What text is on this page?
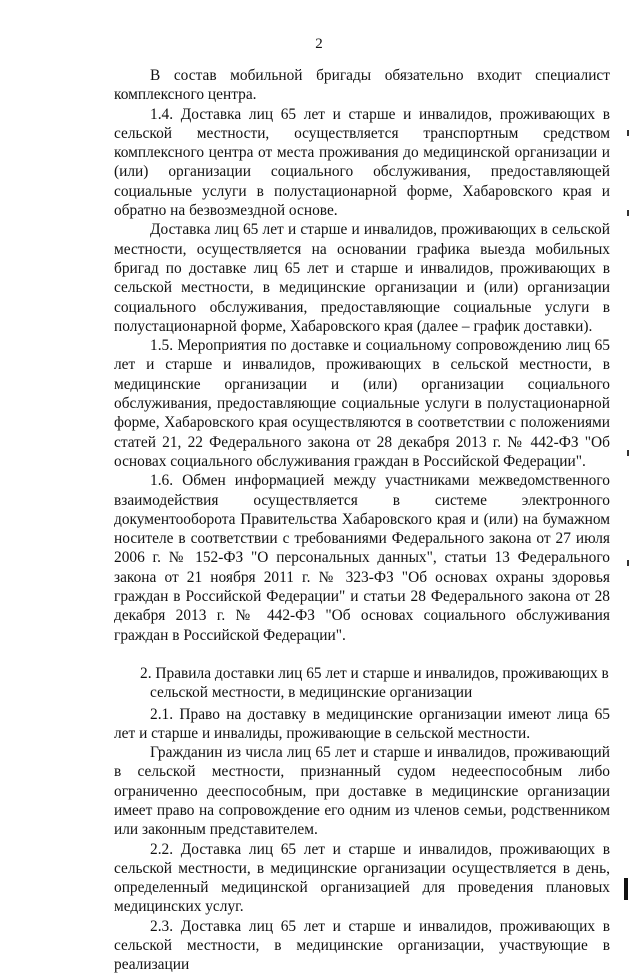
2

В состав мобильной бригады обязательно входит специалист комплексного центра.

1.4. Доставка лиц 65 лет и старше и инвалидов, проживающих в сельской местности, осуществляется транспортным средством комплексного центра от места проживания до медицинской организации и (или) организации социального обслуживания, предоставляющей социальные услуги в полустационарной форме, Хабаровского края и обратно на безвозмездной основе.

Доставка лиц 65 лет и старше и инвалидов, проживающих в сельской местности, осуществляется на основании графика выезда мобильных бригад по доставке лиц 65 лет и старше и инвалидов, проживающих в сельской местности, в медицинские организации и (или) организации социального обслуживания, предоставляющие социальные услуги в полустационарной форме, Хабаровского края (далее – график доставки).

1.5. Мероприятия по доставке и социальному сопровождению лиц 65 лет и старше и инвалидов, проживающих в сельской местности, в медицинские организации и (или) организации социального обслуживания, предоставляющие социальные услуги в полустационарной форме, Хабаровского края осуществляются в соответствии с положениями статей 21, 22 Федерального закона от 28 декабря 2013 г. № 442-ФЗ "Об основах социального обслуживания граждан в Российской Федерации".

1.6. Обмен информацией между участниками межведомственного взаимодействия осуществляется в системе электронного документооборота Правительства Хабаровского края и (или) на бумажном носителе в соответствии с требованиями Федерального закона от 27 июля 2006 г. № 152-ФЗ "О персональных данных", статьи 13 Федерального закона от 21 ноября 2011 г. № 323-ФЗ "Об основах охраны здоровья граждан в Российской Федерации" и статьи 28 Федерального закона от 28 декабря 2013 г. № 442-ФЗ "Об основах социального обслуживания граждан в Российской Федерации".

2. Правила доставки лиц 65 лет и старше и инвалидов, проживающих в сельской местности, в медицинские организации

2.1. Право на доставку в медицинские организации имеют лица 65 лет и старше и инвалиды, проживающие в сельской местности.

Гражданин из числа лиц 65 лет и старше и инвалидов, проживающий в сельской местности, признанный судом недееспособным либо ограниченно дееспособным, при доставке в медицинские организации имеет право на сопровождение его одним из членов семьи, родственником или законным представителем.

2.2. Доставка лиц 65 лет и старше и инвалидов, проживающих в сельской местности, в медицинские организации осуществляется в день, определенный медицинской организацией для проведения плановых медицинских услуг.

2.3. Доставка лиц 65 лет и старше и инвалидов, проживающих в сельской местности, в медицинские организации, участвующие в реализации
